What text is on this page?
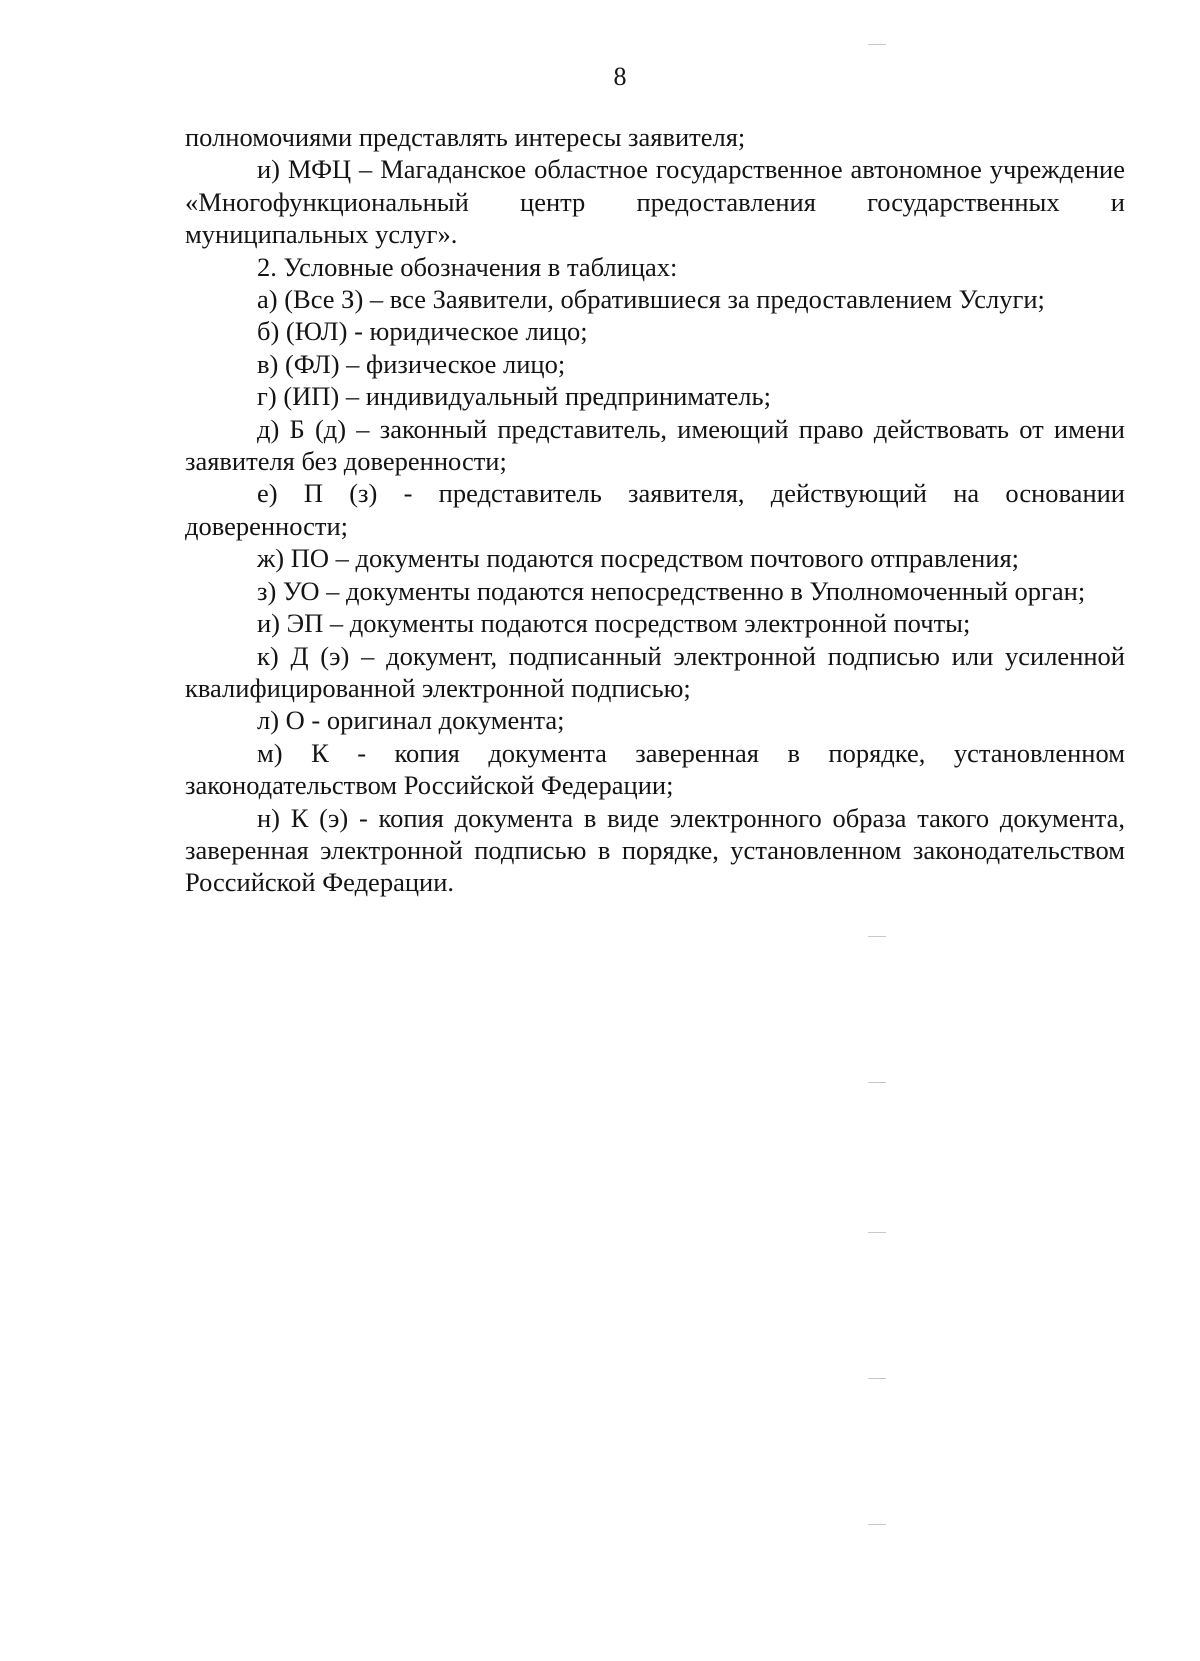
8

полномочиями представлять интересы заявителя;

и) МФЦ – Магаданское областное государственное автономное учреждение «Многофункциональный центр предоставления государственных и муниципальных услуг».

2. Условные обозначения в таблицах:

а) (Все З) – все Заявители, обратившиеся за предоставлением Услуги;

б) (ЮЛ) - юридическое лицо;

в) (ФЛ) – физическое лицо;

г) (ИП) – индивидуальный предприниматель;

д) Б (д) – законный представитель, имеющий право действовать от имени заявителя без доверенности;

е) П (з) - представитель заявителя, действующий на основании доверенности;

ж) ПО – документы подаются посредством почтового отправления;

з) УО – документы подаются непосредственно в Уполномоченный орган;

и) ЭП – документы подаются посредством электронной почты;

к) Д (э) – документ, подписанный электронной подписью или усиленной квалифицированной электронной подписью;

л) О - оригинал документа;

м) К - копия документа заверенная в порядке, установленном законодательством Российской Федерации;

н) К (э) - копия документа в виде электронного образа такого документа, заверенная электронной подписью в порядке, установленном законодательством Российской Федерации.
